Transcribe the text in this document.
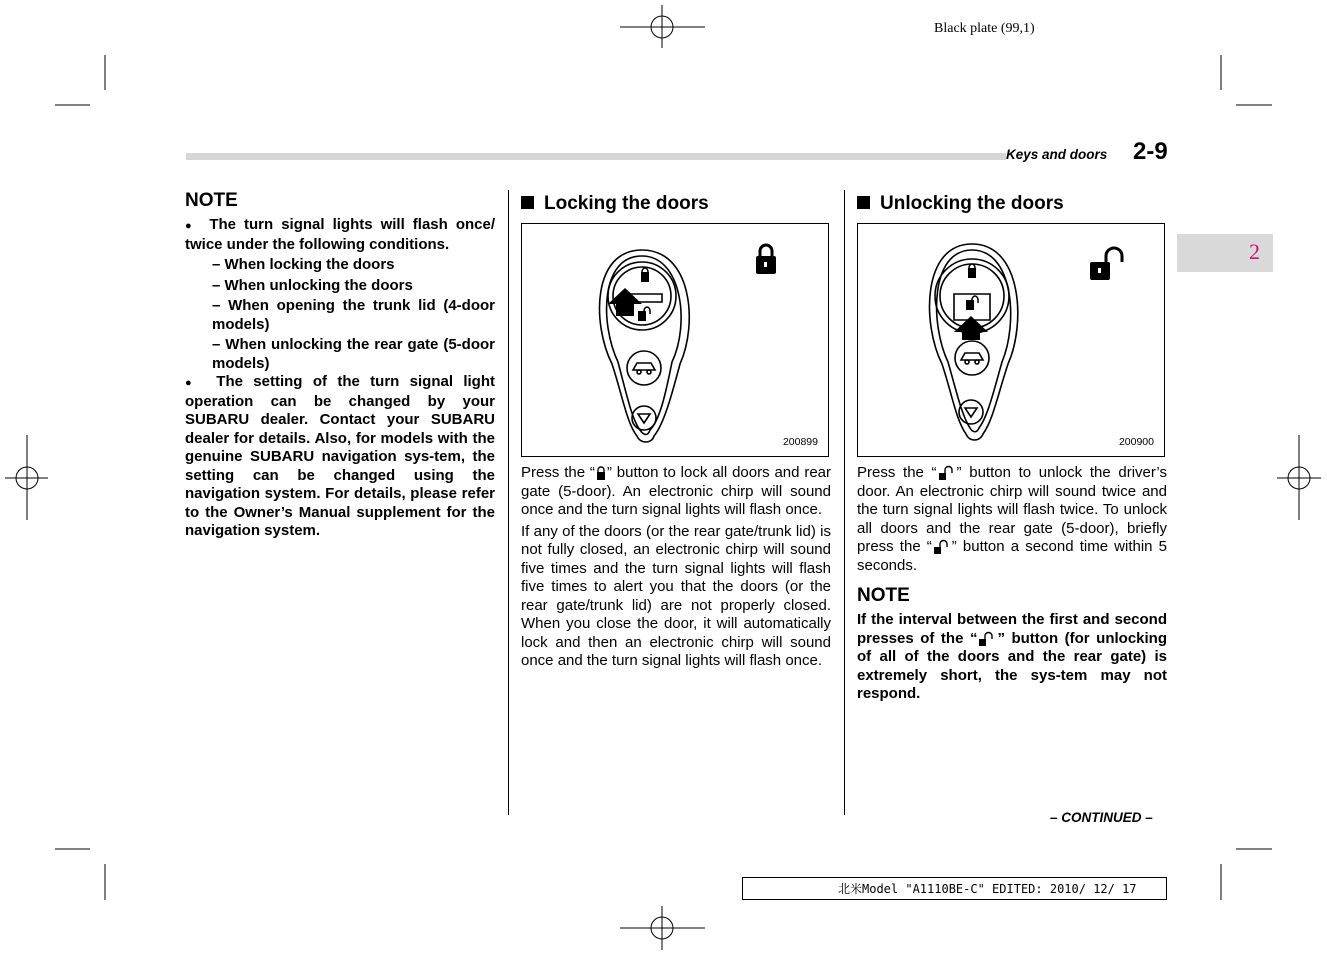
Black plate (99,1)
Keys and doors 2-9
2
NOTE

●  The turn signal lights will flash once/ twice under the following conditions.

– When locking the doors

– When unlocking the doors

– When opening the trunk lid (4-door models)

– When unlocking the rear gate (5-door models)

●  The setting of the turn signal light operation can be changed by your SUBARU dealer. Contact your SUBARU dealer for details. Also, for models with the genuine SUBARU navigation sys-tem, the setting can be changed using the navigation system. For details, please refer to the Owner’s Manual supplement for the navigation system.

Locking the doors
200899

Press the “ ” button to lock all doors and rear gate (5-door). An electronic chirp will sound once and the turn signal lights will flash once.

If any of the doors (or the rear gate/trunk lid) is not fully closed, an electronic chirp will sound five times and the turn signal lights will flash five times to alert you that the doors (or the rear gate/trunk lid) are not properly closed. When you close the door, it will automatically lock and then an electronic chirp will sound once and the turn signal lights will flash once.

Unlocking the doors
200900

Press the “ ” button to unlock the driver’s door. An electronic chirp will sound twice and the turn signal lights will flash twice. To unlock all doors and the rear gate (5-door), briefly press the “ ” button a second time within 5 seconds.

NOTE

If the interval between the first and second presses of the “ ” button (for unlocking of all of the doors and the rear gate) is extremely short, the sys-tem may not respond.

– CONTINUED –
北米Model "A1110BE-C" EDITED: 2010/ 12/ 17
